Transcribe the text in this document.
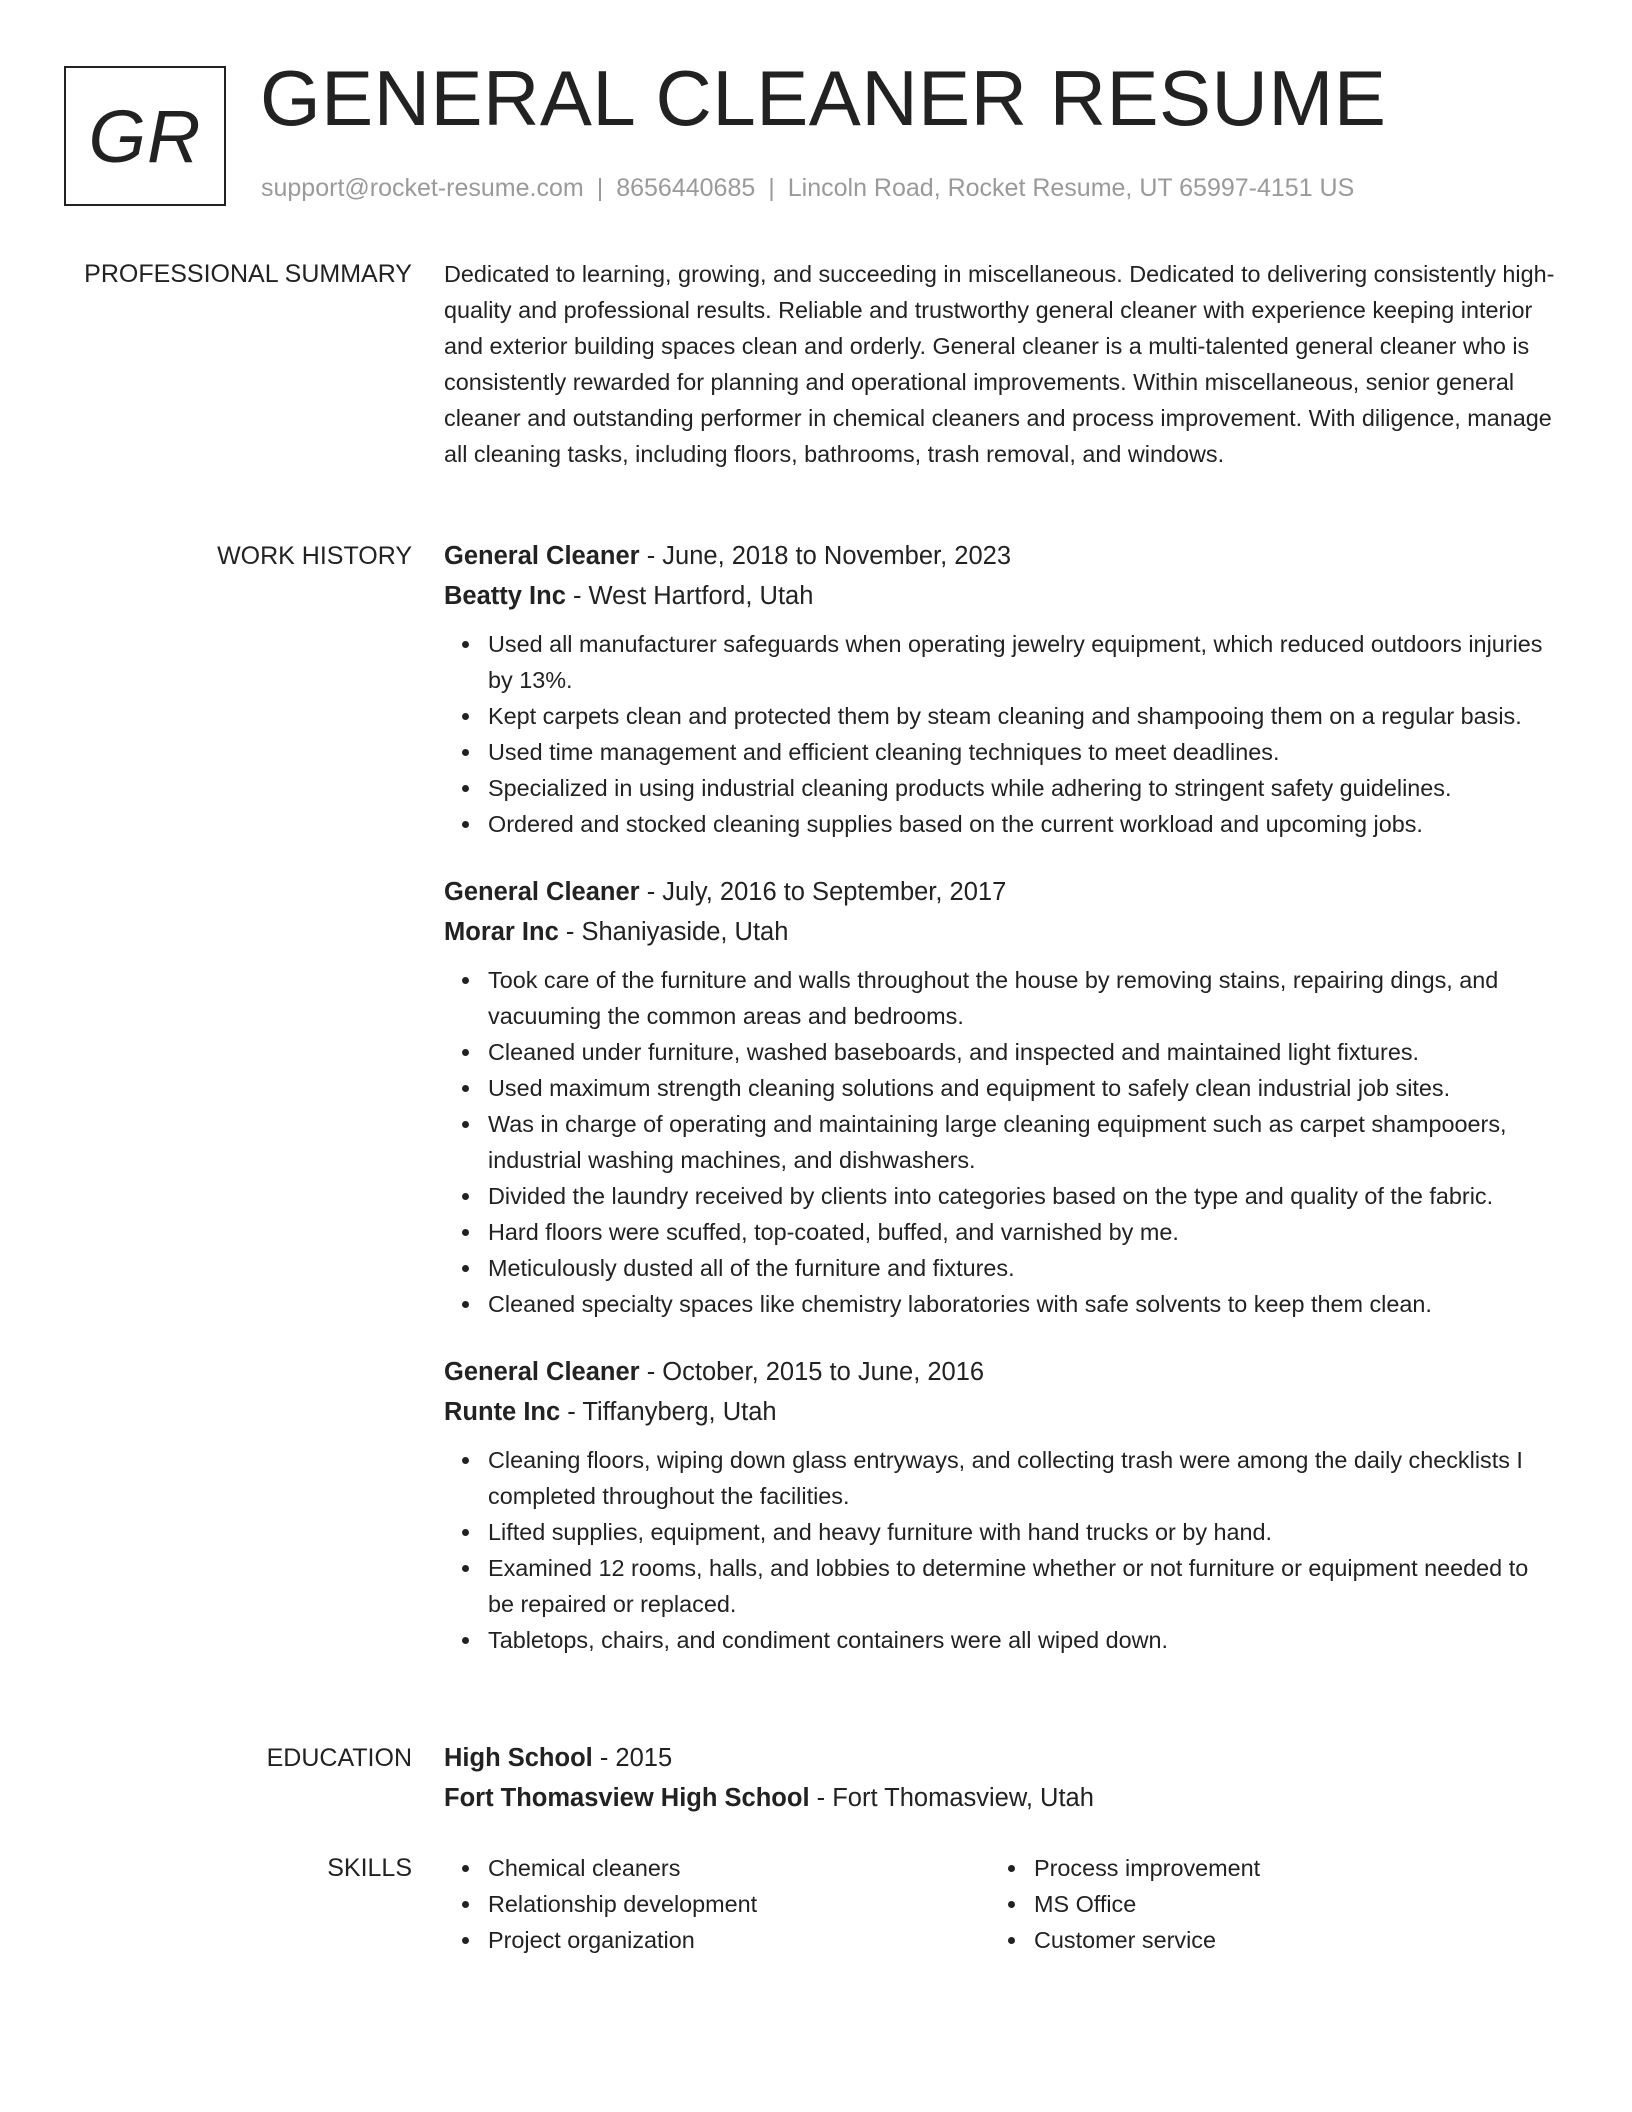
GR GENERAL CLEANER RESUME
support@rocket-resume.com | 8656440685 | Lincoln Road, Rocket Resume, UT 65997-4151 US
PROFESSIONAL SUMMARY Dedicated to learning, growing, and succeeding in miscellaneous. Dedicated to delivering consistently high-quality and professional results. Reliable and trustworthy general cleaner with experience keeping interior and exterior building spaces clean and orderly. General cleaner is a multi-talented general cleaner who is consistently rewarded for planning and operational improvements. Within miscellaneous, senior general cleaner and outstanding performer in chemical cleaners and process improvement. With diligence, manage all cleaning tasks, including floors, bathrooms, trash removal, and windows.

WORK HISTORY General Cleaner - June, 2018 to November, 2023

Beatty Inc - West Hartford, Utah

Used all manufacturer safeguards when operating jewelry equipment, which reduced outdoors injuries by 13%.
Kept carpets clean and protected them by steam cleaning and shampooing them on a regular basis.
Used time management and efficient cleaning techniques to meet deadlines.
Specialized in using industrial cleaning products while adhering to stringent safety guidelines.
Ordered and stocked cleaning supplies based on the current workload and upcoming jobs.

General Cleaner - July, 2016 to September, 2017

Morar Inc - Shaniyaside, Utah

Took care of the furniture and walls throughout the house by removing stains, repairing dings, and vacuuming the common areas and bedrooms.
Cleaned under furniture, washed baseboards, and inspected and maintained light fixtures.
Used maximum strength cleaning solutions and equipment to safely clean industrial job sites.
Was in charge of operating and maintaining large cleaning equipment such as carpet shampooers, industrial washing machines, and dishwashers.
Divided the laundry received by clients into categories based on the type and quality of the fabric.
Hard floors were scuffed, top-coated, buffed, and varnished by me.
Meticulously dusted all of the furniture and fixtures.
Cleaned specialty spaces like chemistry laboratories with safe solvents to keep them clean.

General Cleaner - October, 2015 to June, 2016

Runte Inc - Tiffanyberg, Utah

Cleaning floors, wiping down glass entryways, and collecting trash were among the daily checklists I completed throughout the facilities.
Lifted supplies, equipment, and heavy furniture with hand trucks or by hand.
Examined 12 rooms, halls, and lobbies to determine whether or not furniture or equipment needed to be repaired or replaced.
Tabletops, chairs, and condiment containers were all wiped down.
EDUCATION High School - 2015

Fort Thomasview High School - Fort Thomasview, Utah

SKILLS	Chemical cleaners
Relationship development
Project organization
Process improvement
MS Office
Customer service
